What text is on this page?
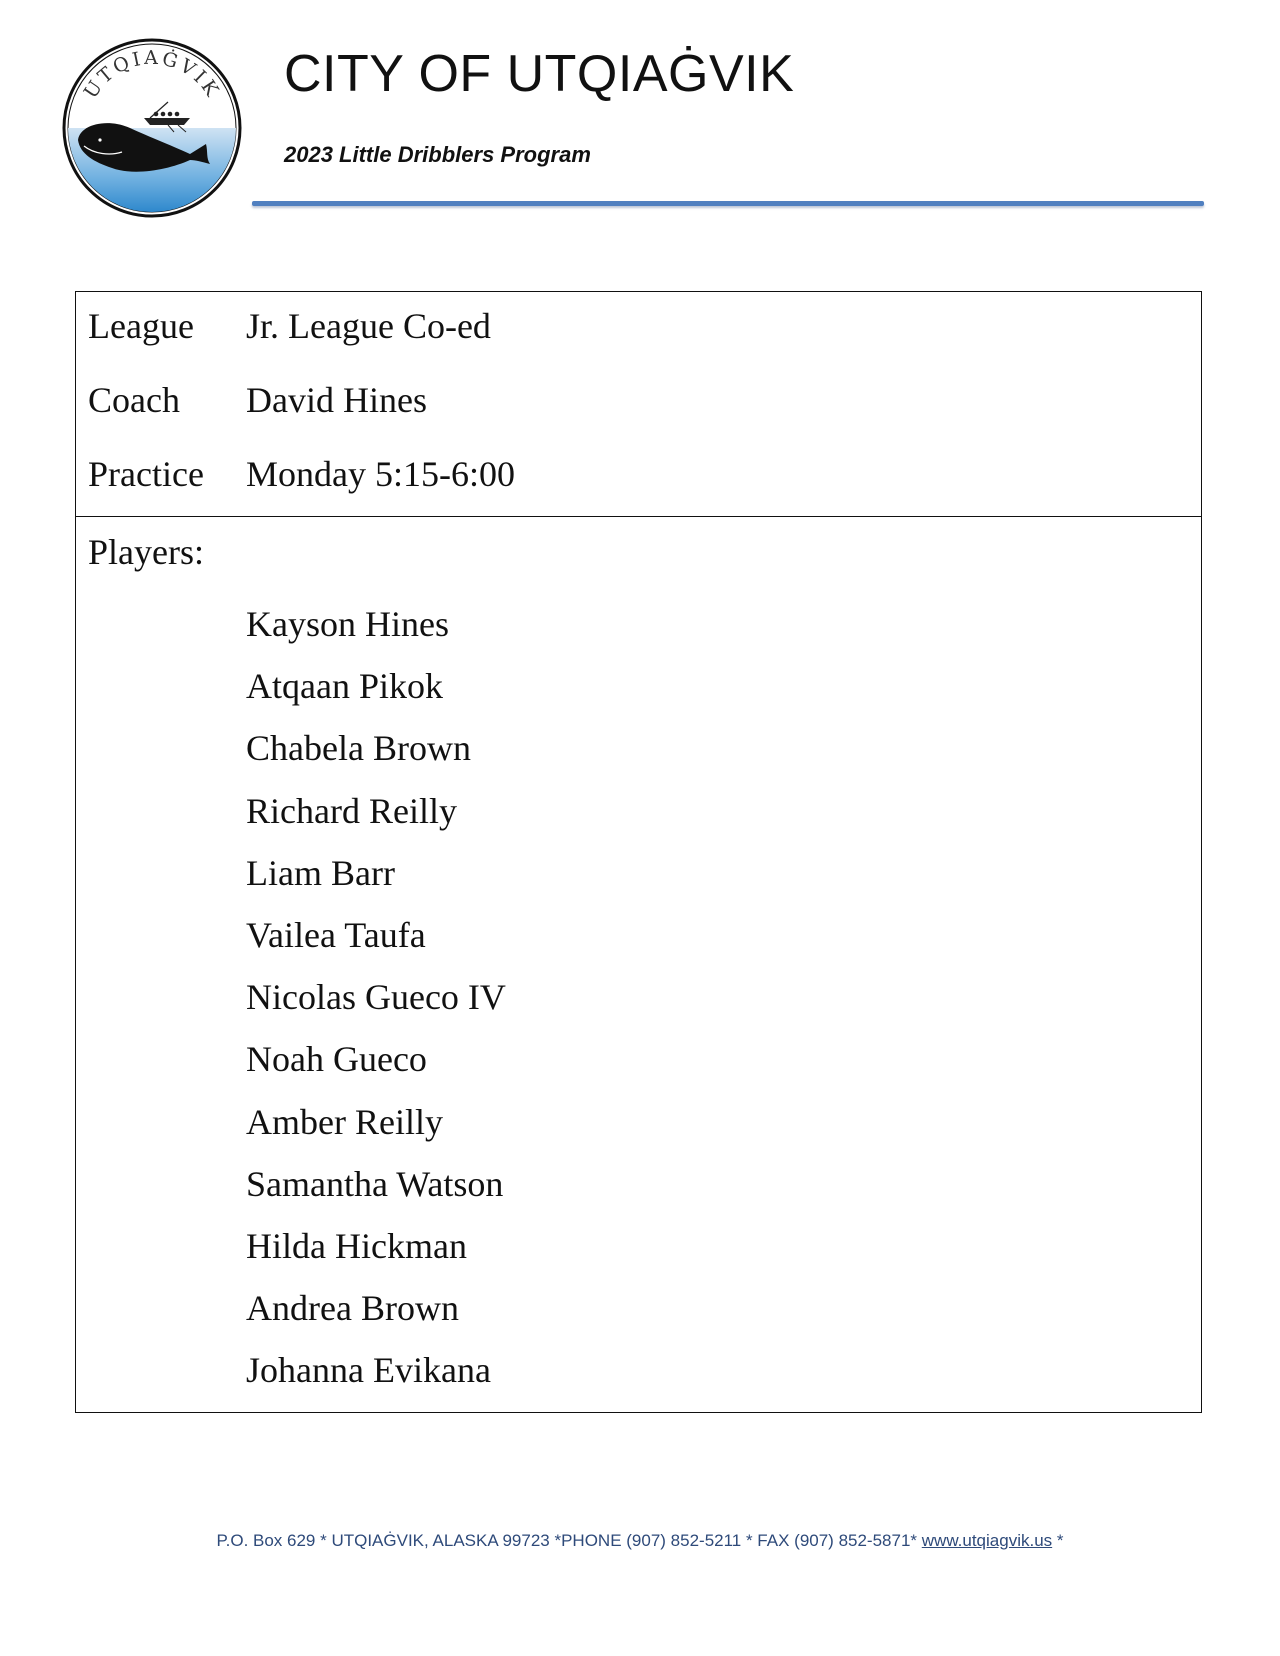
UTQIAĠVIK CITY OF UTQIAĠVIK
2023 Little Dribblers Program
League Jr. League Co-ed
Coach David Hines
Practice Monday 5:15-6:00
Players:
Kayson Hines
Atqaan Pikok
Chabela Brown
Richard Reilly
Liam Barr
Vailea Taufa
Nicolas Gueco IV
Noah Gueco
Amber Reilly
Samantha Watson
Hilda Hickman
Andrea Brown
Johanna Evikana
P.O. Box 629 * UTQIAĠVIK, ALASKA 99723 *PHONE (907) 852-5211 * FAX (907) 852-5871* www.utqiagvik.us *
